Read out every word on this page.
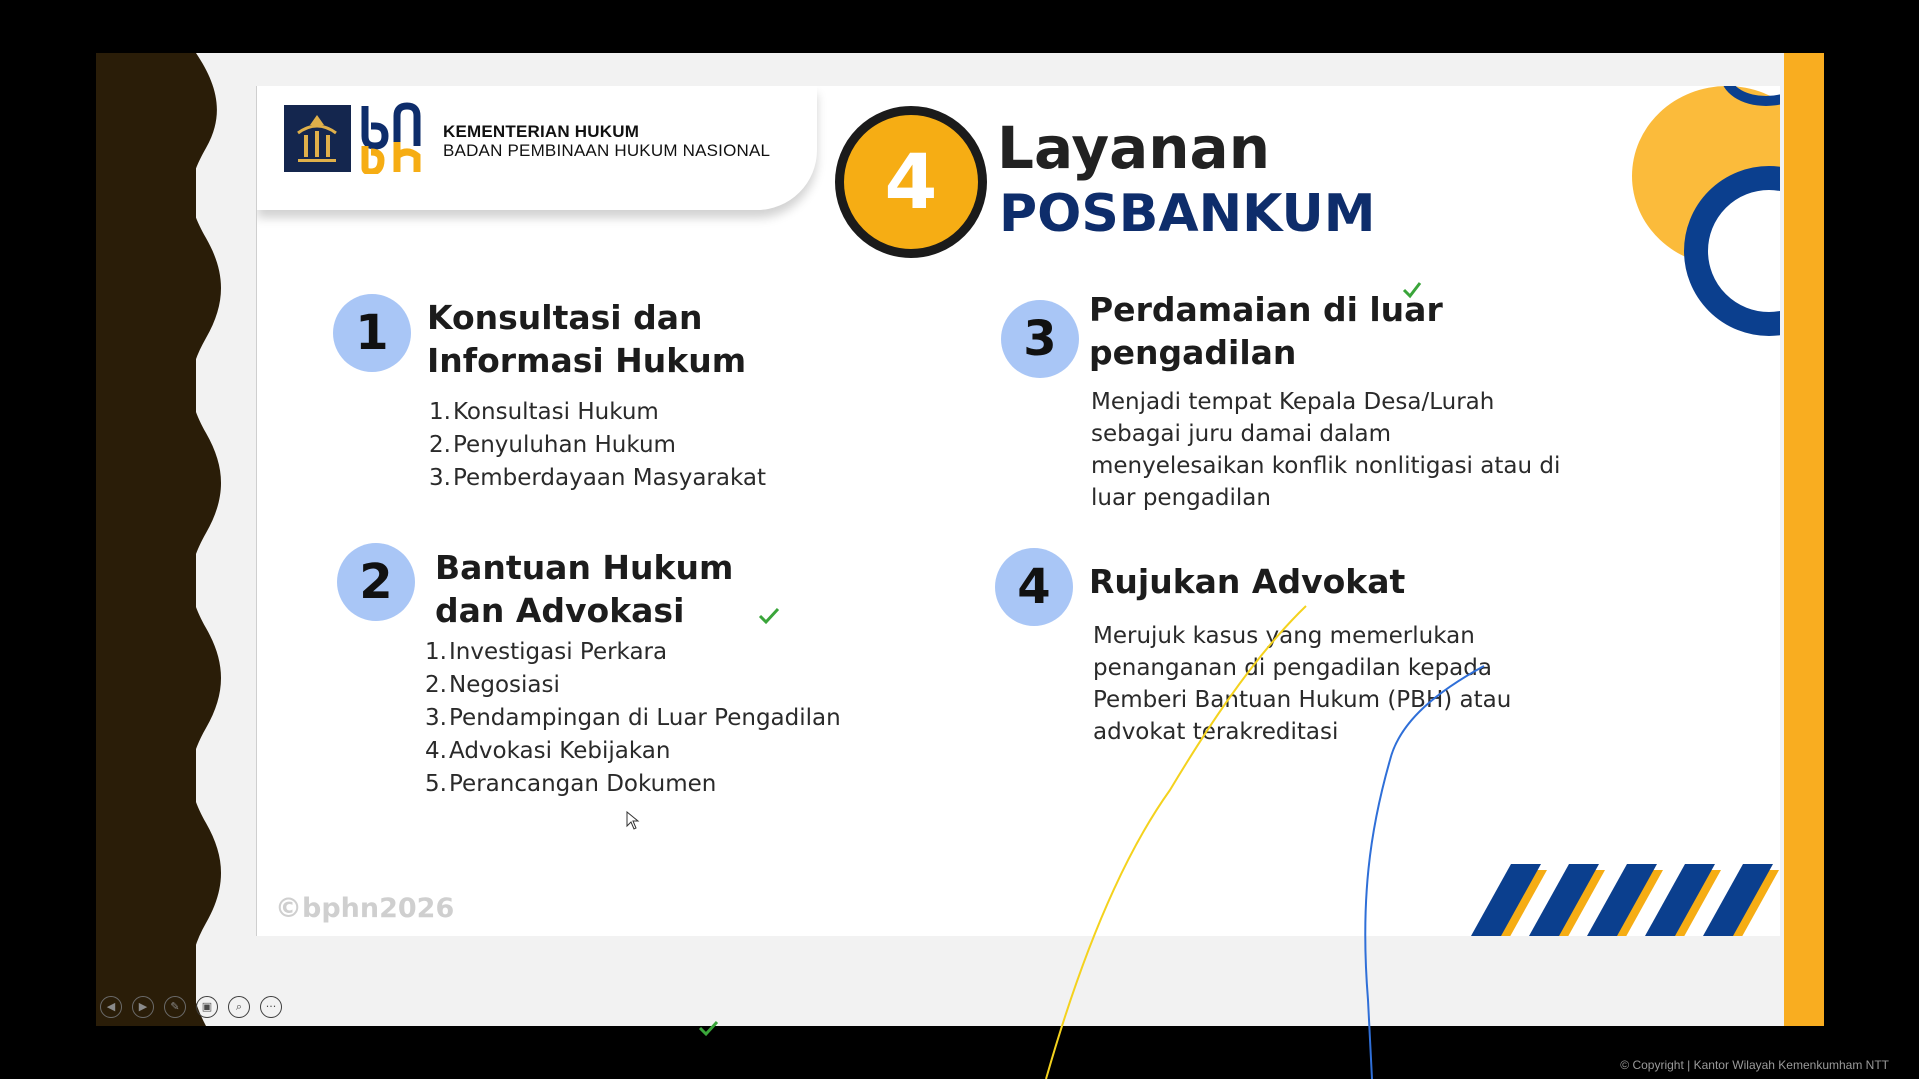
KEMENTERIAN HUKUM
BADAN PEMBINAAN HUKUM NASIONAL	4	Layanan
POSBANKUM
1	Konsultasi dan
Informasi Hukum
1.Konsultasi Hukum
2.Penyuluhan Hukum
3.Pemberdayaan Masyarakat
2	Bantuan Hukum
dan Advokasi
1.Investigasi Perkara
2.Negosiasi
3.Pendampingan di Luar Pengadilan
4.Advokasi Kebijakan
5.Perancangan Dokumen
3
Perdamaian di luar
pengadilan
Menjadi tempat Kepala Desa/Lurah
sebagai juru damai dalam
menyelesaikan konflik nonlitigasi atau di
luar pengadilan
4	Rujukan Advokat
Merujuk kasus yang memerlukan
penanganan di pengadilan kepada
Pemberi Bantuan Hukum (PBH) atau
advokat terakreditasi
©bphn2026
◀	▶	✎	▣	⌕	···
© Copyright | Kantor Wilayah Kemenkumham NTT
